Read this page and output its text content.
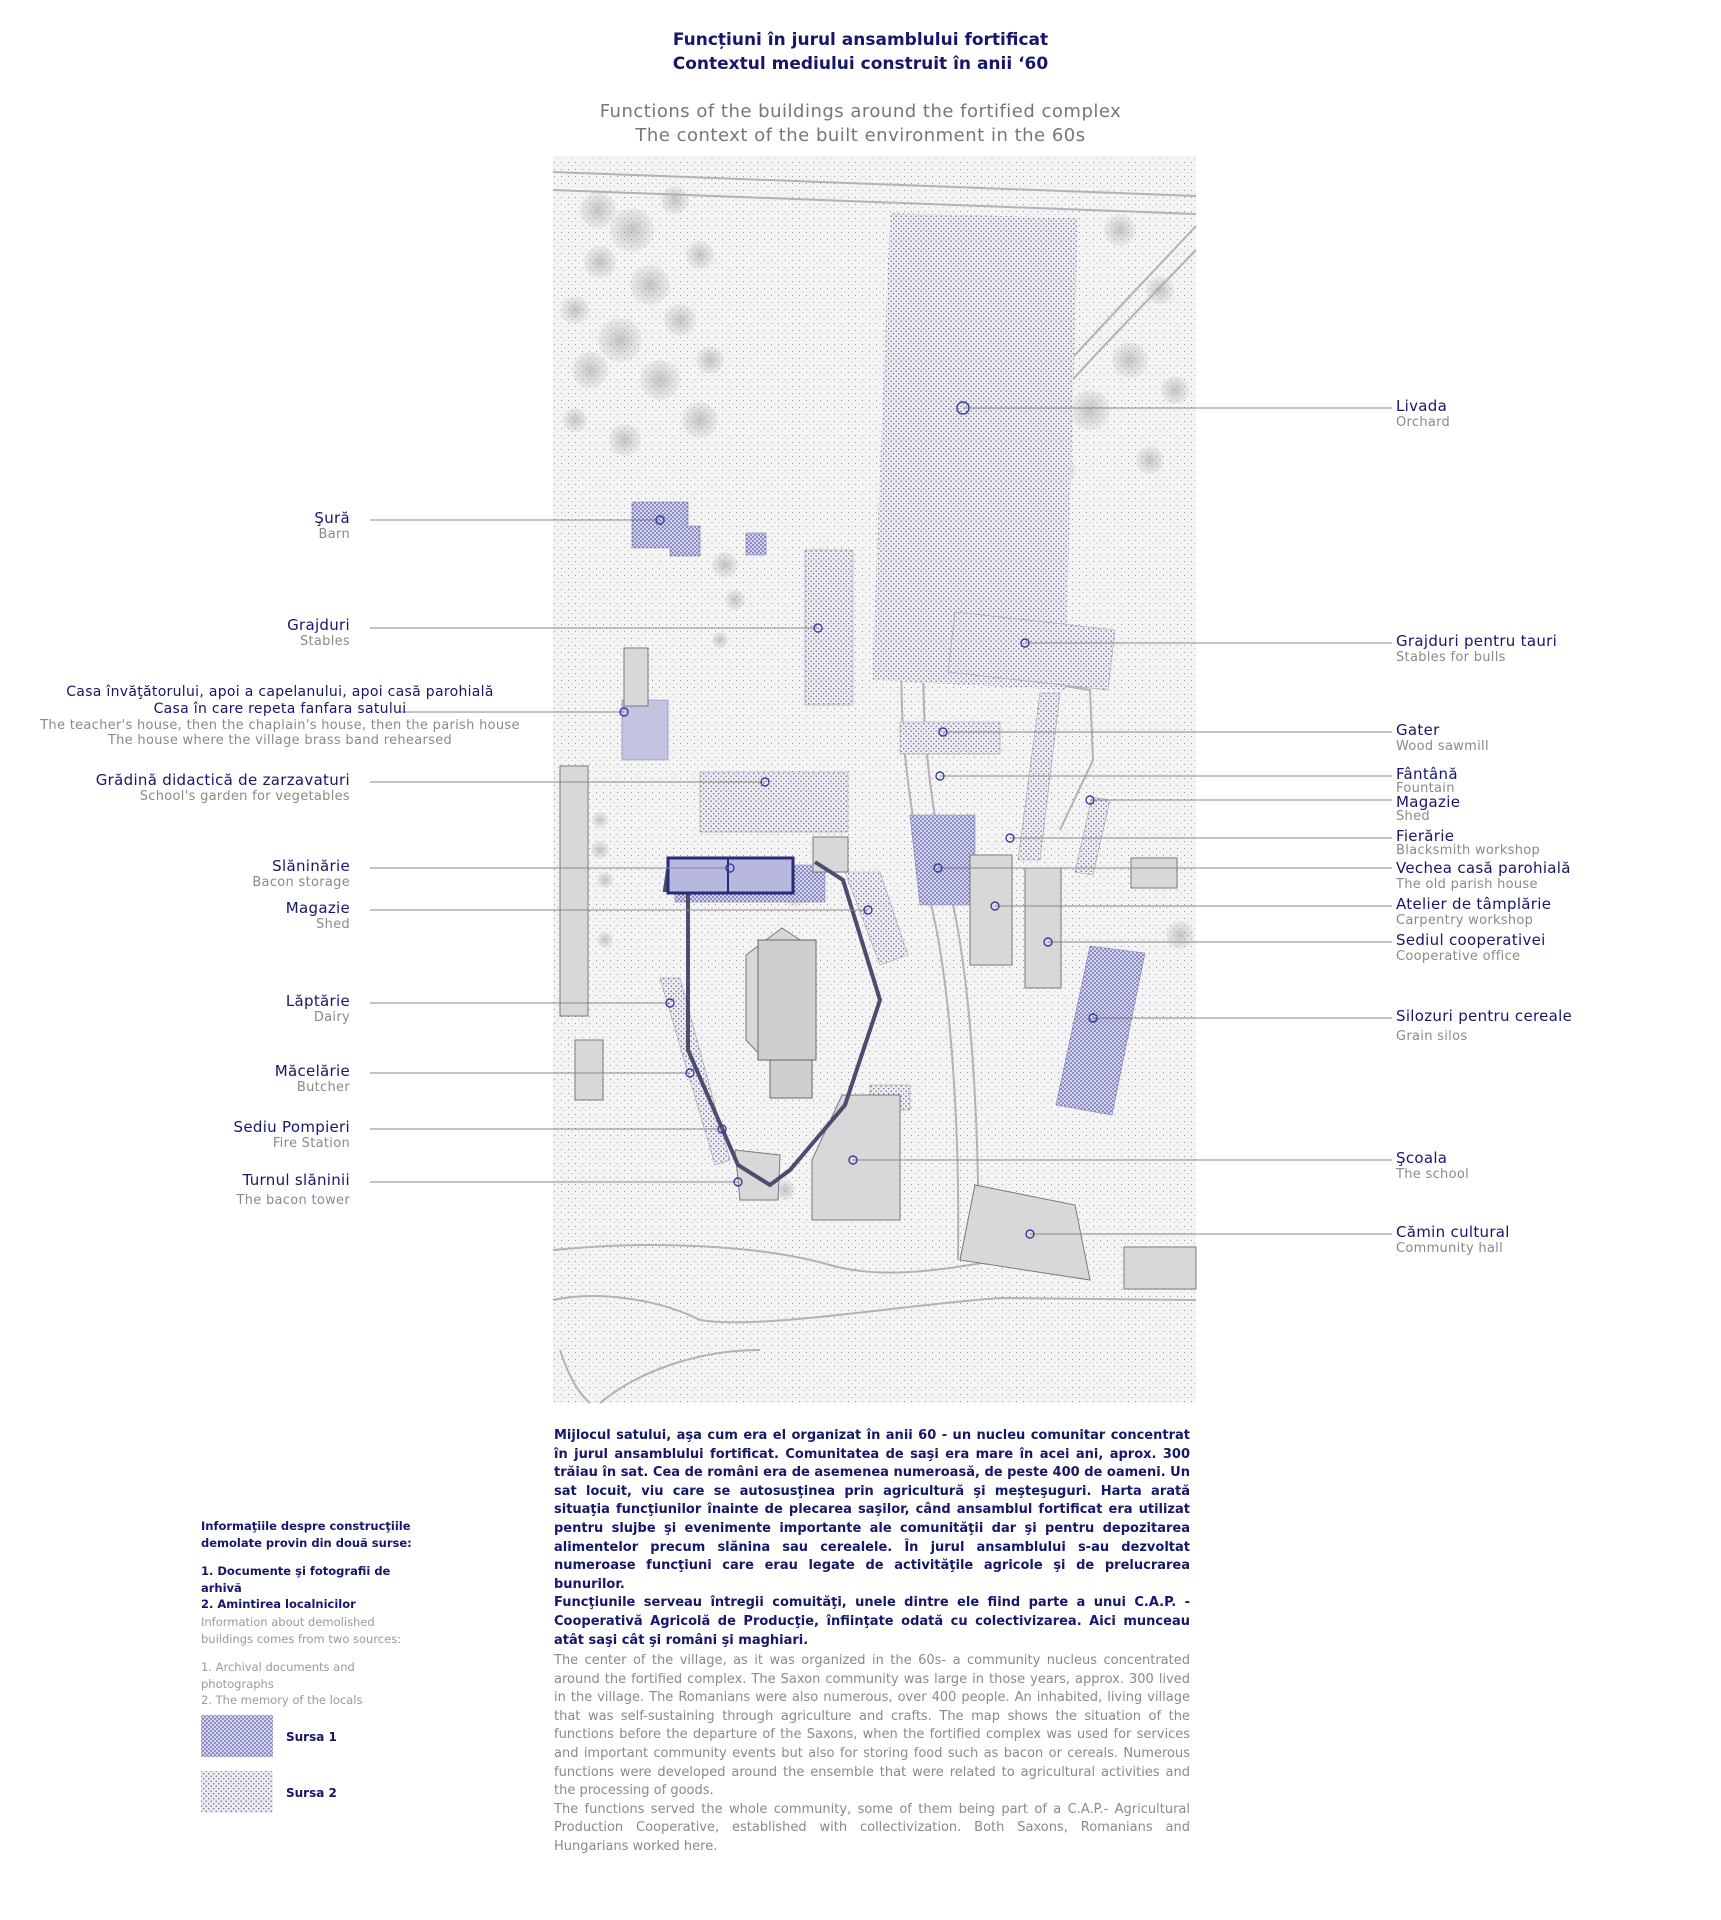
Funcțiuni în jurul ansamblului fortificat
Contextul mediului construit în anii ‘60
Functions of the buildings around the fortified complex
The context of the built environment in the 60s
Şură
Barn
Grajduri
Stables
Casa învăţătorului, apoi a capelanului, apoi casă parohială
Casa în care repeta fanfara satului
The teacher's house, then the chaplain's house, then the parish house
The house where the village brass band rehearsed
Grădină didactică de zarzavaturi
School's garden for vegetables
Slăninărie
Bacon storage
Magazie
Shed
Lăptărie
Dairy
Măcelărie
Butcher
Sediu Pompieri
Fire Station
Turnul slăninii
The bacon tower
Livada
Orchard
Grajduri pentru tauri
Stables for bulls
Gater
Wood sawmill
Fântână
Fountain
Magazie
Shed
Fierărie
Blacksmith workshop
Vechea casă parohială
The old parish house
Atelier de tâmplărie
Carpentry workshop
Sediul cooperativei
Cooperative office
Silozuri pentru cereale
Grain silos
Şcoala
The school
Cămin cultural
Community hall

Mijlocul satului, aşa cum era el organizat în anii 60 - un nucleu comunitar concentrat în jurul ansamblului fortificat. Comunitatea de saşi era mare în acei ani, aprox. 300 trăiau în sat. Cea de români era de asemenea numeroasă, de peste 400 de oameni. Un sat locuit, viu care se autosusţinea prin agricultură şi meşteşuguri. Harta arată situaţia funcţiunilor înainte de plecarea saşilor, când ansamblul fortificat era utilizat pentru slujbe şi evenimente importante ale comunităţii dar şi pentru depozitarea alimentelor precum slănina sau cerealele. În jurul ansamblului s-au dezvoltat numeroase funcţiuni care erau legate de activităţile agricole şi de prelucrarea bunurilor.

Funcţiunile serveau întregii comuităţi, unele dintre ele fiind parte a unui C.A.P. - Cooperativă Agricolă de Producţie, înfiinţate odată cu colectivizarea. Aici munceau atât saşi cât şi români şi maghiari.

The center of the village, as it was organized in the 60s- a community nucleus concentrated around the fortified complex. The Saxon community was large in those years, approx. 300 lived in the village. The Romanians were also numerous, over 400 people. An inhabited, living village that was self-sustaining through agriculture and crafts. The map shows the situation of the functions before the departure of the Saxons, when the fortified complex was used for services and important community events but also for storing food such as bacon or cereals. Numerous functions were developed around the ensemble that were related to agricultural activities and the processing of goods.

The functions served the whole community, some of them being part of a C.A.P.- Agricultural Production Cooperative, established with collectivization. Both Saxons, Romanians and Hungarians worked here.

Informaţiile despre construcţiile demolate provin din două surse:

1. Documente şi fotografii de arhivă

2. Amintirea localnicilor

Information about demolished buildings comes from two sources:

1. Archival documents and photographs

2. The memory of the locals

Sursa 1
Sursa 2
